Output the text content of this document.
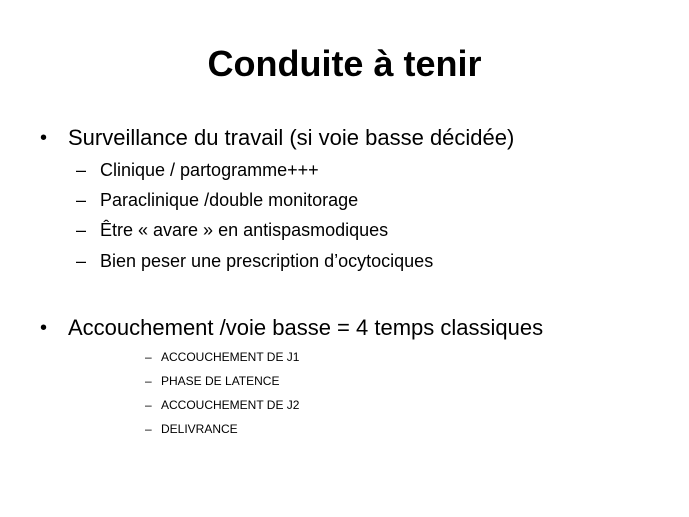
Conduite à tenir
• Surveillance du travail (si voie basse décidée)
– Clinique / partogramme+++
– Paraclinique /double monitorage
– Être « avare » en antispasmodiques
– Bien peser une prescription d’ocytociques
• Accouchement /voie basse = 4 temps classiques
– ACCOUCHEMENT DE J1
– PHASE DE LATENCE
– ACCOUCHEMENT DE J2
– DELIVRANCE
